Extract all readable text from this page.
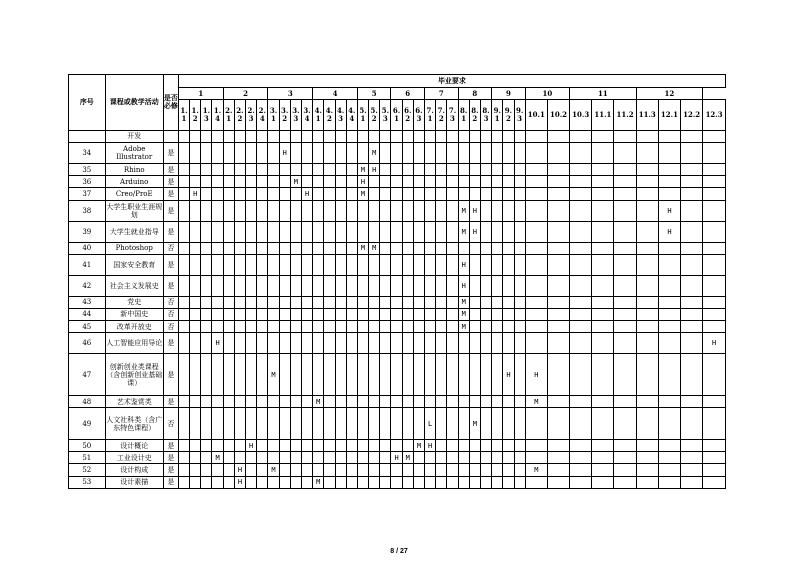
序号	课程或教学活动	是否必修	毕业要求																																							
			1				2				3				4				5			6			7			8			9			10		11			12			
			1.1	1.2	1.3	1.4	2.1	2.2	2.3	2.4	3.1	3.2	3.3	3.4	4.1	4.2	4.3	4.4	5.1	5.2	5.3	6.1	6.2	6.3	7.1	7.2	7.3	8.1	8.2	8.3	9.1	9.2	9.3	10.1	10.2	10.3	11.1	11.2	11.3	12.1	12.2	12.3
	开发																																									
34	Adobe Illustrator	是										H								M																						
35	Rhino	是																	M	H																						
36	Arduino	是											M						H																							
37	Creo/ProE	是		H										H					M																							
38	大学生职业生涯规划	是																										M	H											H		
39	大学生就业指导	是																										M	H											H		
40	Photoshop	否																	M	M																						
41	国家安全教育	是																										H														
42	社会主义发展史	是																										H														
43	党史	否																										M														
44	新中国史	否																										M														
45	改革开放史	否																										M														
46	人工智能应用导论	是				H																																				H
47	创新创业类课程（含创新创业基础课）	是									M																					H		H								
48	艺术鉴赏类	是													M																			M								
49	人文社科类（含广东特色课程）	否																							L				M													
50	设计概论	是							H															M	H																	
51	工业设计史	是				M																H	M																			
52	设计构成	是						H			M																							M								
53	设计素描	是						H							M																											
8 / 27
